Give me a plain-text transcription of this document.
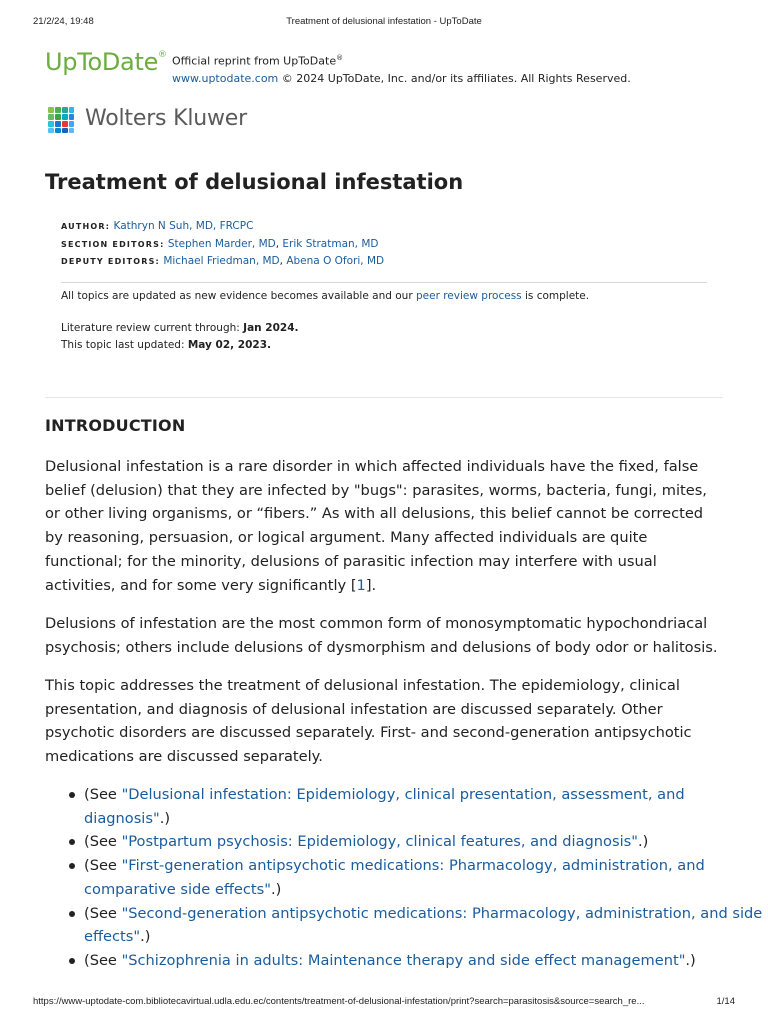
21/2/24, 19:48	Treatment of delusional infestation - UpToDate
UpToDate® Official reprint from UpToDate®
www.uptodate.com © 2024 UpToDate, Inc. and/or its affiliates. All Rights Reserved.
Wolters Kluwer
Treatment of delusional infestation
AUTHOR: Kathryn N Suh, MD, FRCPC
SECTION EDITORS: Stephen Marder, MD, Erik Stratman, MD
DEPUTY EDITORS: Michael Friedman, MD, Abena O Ofori, MD
All topics are updated as new evidence becomes available and our peer review process is complete.
Literature review current through: Jan 2024.
This topic last updated: May 02, 2023.
INTRODUCTION

Delusional infestation is a rare disorder in which affected individuals have the fixed, false belief (delusion) that they are infected by "bugs": parasites, worms, bacteria, fungi, mites, or other living organisms, or “fibers.” As with all delusions, this belief cannot be corrected by reasoning, persuasion, or logical argument. Many affected individuals are quite functional; for the minority, delusions of parasitic infection may interfere with usual activities, and for some very significantly [1].

Delusions of infestation are the most common form of monosymptomatic hypochondriacal psychosis; others include delusions of dysmorphism and delusions of body odor or halitosis.

This topic addresses the treatment of delusional infestation. The epidemiology, clinical presentation, and diagnosis of delusional infestation are discussed separately. Other psychotic disorders are discussed separately. First- and second-generation antipsychotic medications are discussed separately.

(See "Delusional infestation: Epidemiology, clinical presentation, assessment, and diagnosis".)
(See "Postpartum psychosis: Epidemiology, clinical features, and diagnosis".)
(See "First-generation antipsychotic medications: Pharmacology, administration, and comparative side effects".)
(See "Second-generation antipsychotic medications: Pharmacology, administration, and side effects".)
(See "Schizophrenia in adults: Maintenance therapy and side effect management".)
https://www-uptodate-com.bibliotecavirtual.udla.edu.ec/contents/treatment-of-delusional-infestation/print?search=parasitosis&source=search_re...	1/14
